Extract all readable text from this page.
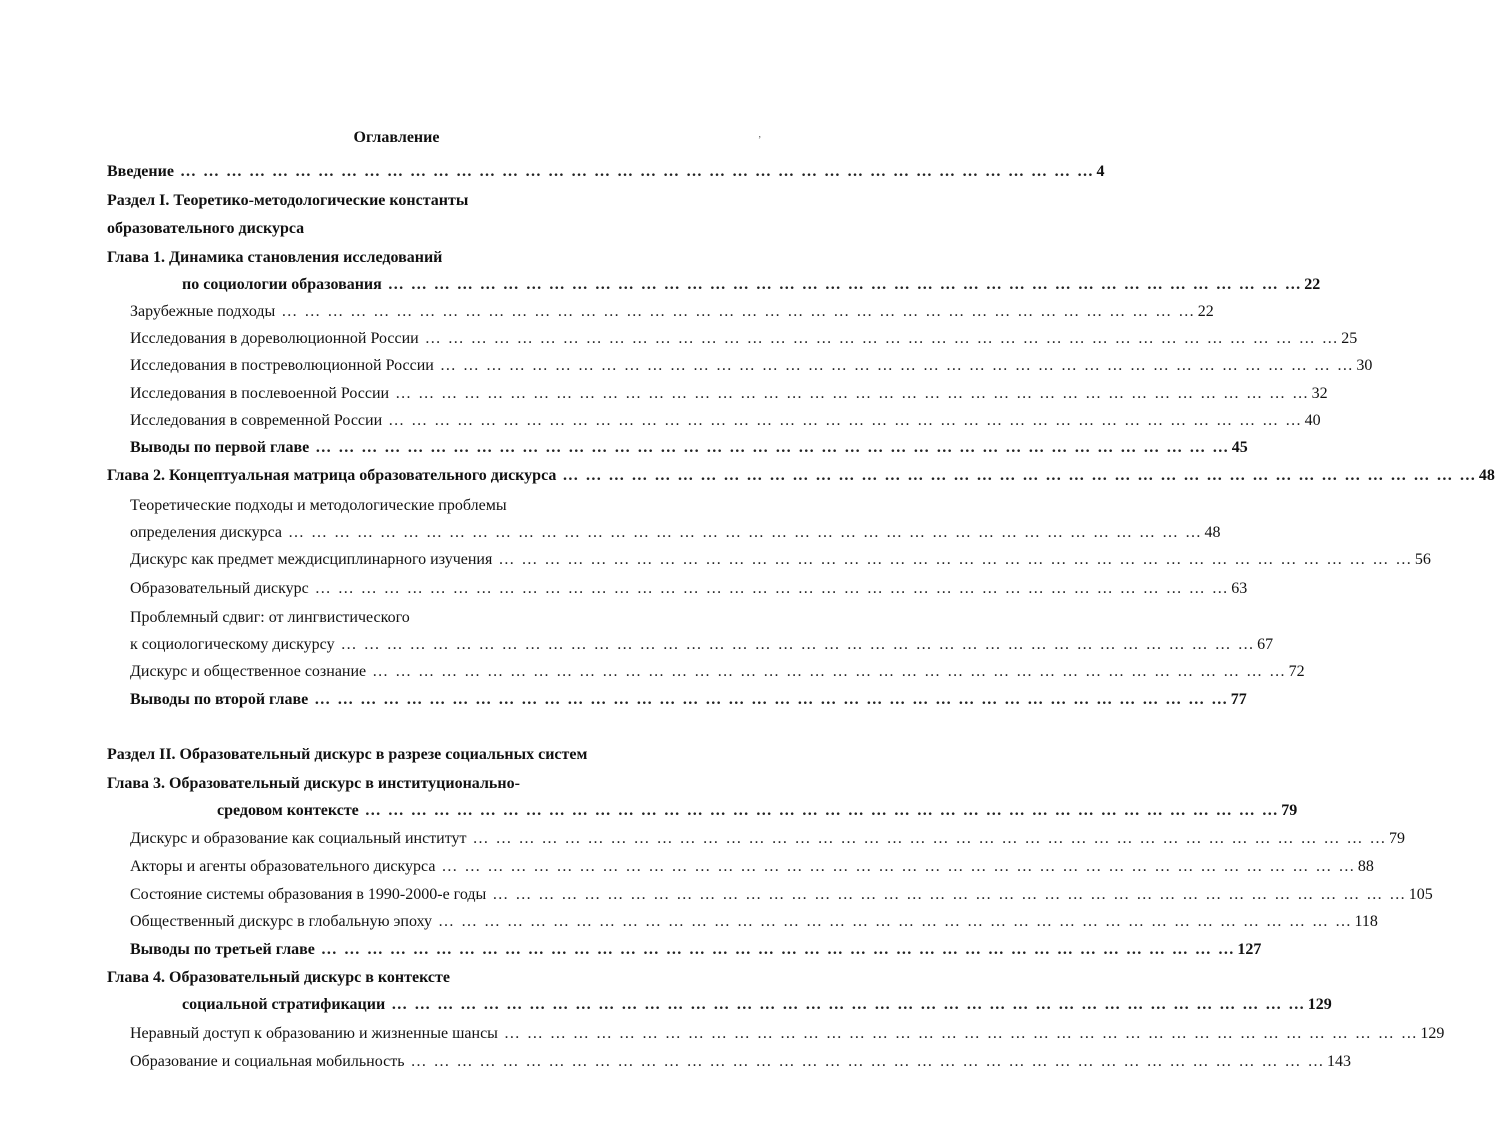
Оглавление
Введение … … … … … … … … … … … … … … … … … … … … … … … … … … … … … … … … … … … … … … … … 4
Раздел I. Теоретико-методологические константы
образовательного дискурса
Глава 1. Динамика становления исследований
по социологии образования … … … … … … … … … … … … … … … … … … … … … … … … … … … … … … … … … … … … … … … … 22
Зарубежные подходы … … … … … … … … … … … … … … … … … … … … … … … … … … … … … … … … … … … … … … … … 22
Исследования в дореволюционной России … … … … … … … … … … … … … … … … … … … … … … … … … … … … … … … … … … … … … … … … 25
Исследования в постреволюционной России … … … … … … … … … … … … … … … … … … … … … … … … … … … … … … … … … … … … … … … … 30
Исследования в послевоенной России … … … … … … … … … … … … … … … … … … … … … … … … … … … … … … … … … … … … … … … … 32
Исследования в современной России … … … … … … … … … … … … … … … … … … … … … … … … … … … … … … … … … … … … … … … … 40
Выводы по первой главе … … … … … … … … … … … … … … … … … … … … … … … … … … … … … … … … … … … … … … … … 45
Глава 2. Концептуальная матрица образовательного дискурса … … … … … … … … … … … … … … … … … … … … … … … … … … … … … … … … … … … … … … … … 48
Теоретические подходы и методологические проблемы
определения дискурса … … … … … … … … … … … … … … … … … … … … … … … … … … … … … … … … … … … … … … … … 48
Дискурс как предмет междисциплинарного изучения … … … … … … … … … … … … … … … … … … … … … … … … … … … … … … … … … … … … … … … … 56
Образовательный дискурс … … … … … … … … … … … … … … … … … … … … … … … … … … … … … … … … … … … … … … … … 63
Проблемный сдвиг: от лингвистического
к социологическому дискурсу … … … … … … … … … … … … … … … … … … … … … … … … … … … … … … … … … … … … … … … … 67
Дискурс и общественное сознание … … … … … … … … … … … … … … … … … … … … … … … … … … … … … … … … … … … … … … … … 72
Выводы по второй главе … … … … … … … … … … … … … … … … … … … … … … … … … … … … … … … … … … … … … … … … 77
Раздел II. Образовательный дискурс в разрезе социальных систем
Глава 3. Образовательный дискурс в институционально-
средовом контексте … … … … … … … … … … … … … … … … … … … … … … … … … … … … … … … … … … … … … … … … 79
Дискурс и образование как социальный институт … … … … … … … … … … … … … … … … … … … … … … … … … … … … … … … … … … … … … … … … 79
Акторы и агенты образовательного дискурса … … … … … … … … … … … … … … … … … … … … … … … … … … … … … … … … … … … … … … … … 88
Состояние системы образования в 1990-2000-е годы … … … … … … … … … … … … … … … … … … … … … … … … … … … … … … … … … … … … … … … … 105
Общественный дискурс в глобальную эпоху … … … … … … … … … … … … … … … … … … … … … … … … … … … … … … … … … … … … … … … … 118
Выводы по третьей главе … … … … … … … … … … … … … … … … … … … … … … … … … … … … … … … … … … … … … … … … 127
Глава 4. Образовательный дискурс в контексте
социальной стратификации … … … … … … … … … … … … … … … … … … … … … … … … … … … … … … … … … … … … … … … … 129
Неравный доступ к образованию и жизненные шансы … … … … … … … … … … … … … … … … … … … … … … … … … … … … … … … … … … … … … … … … 129
Образование и социальная мобильность … … … … … … … … … … … … … … … … … … … … … … … … … … … … … … … … … … … … … … … … 143
ʼ
